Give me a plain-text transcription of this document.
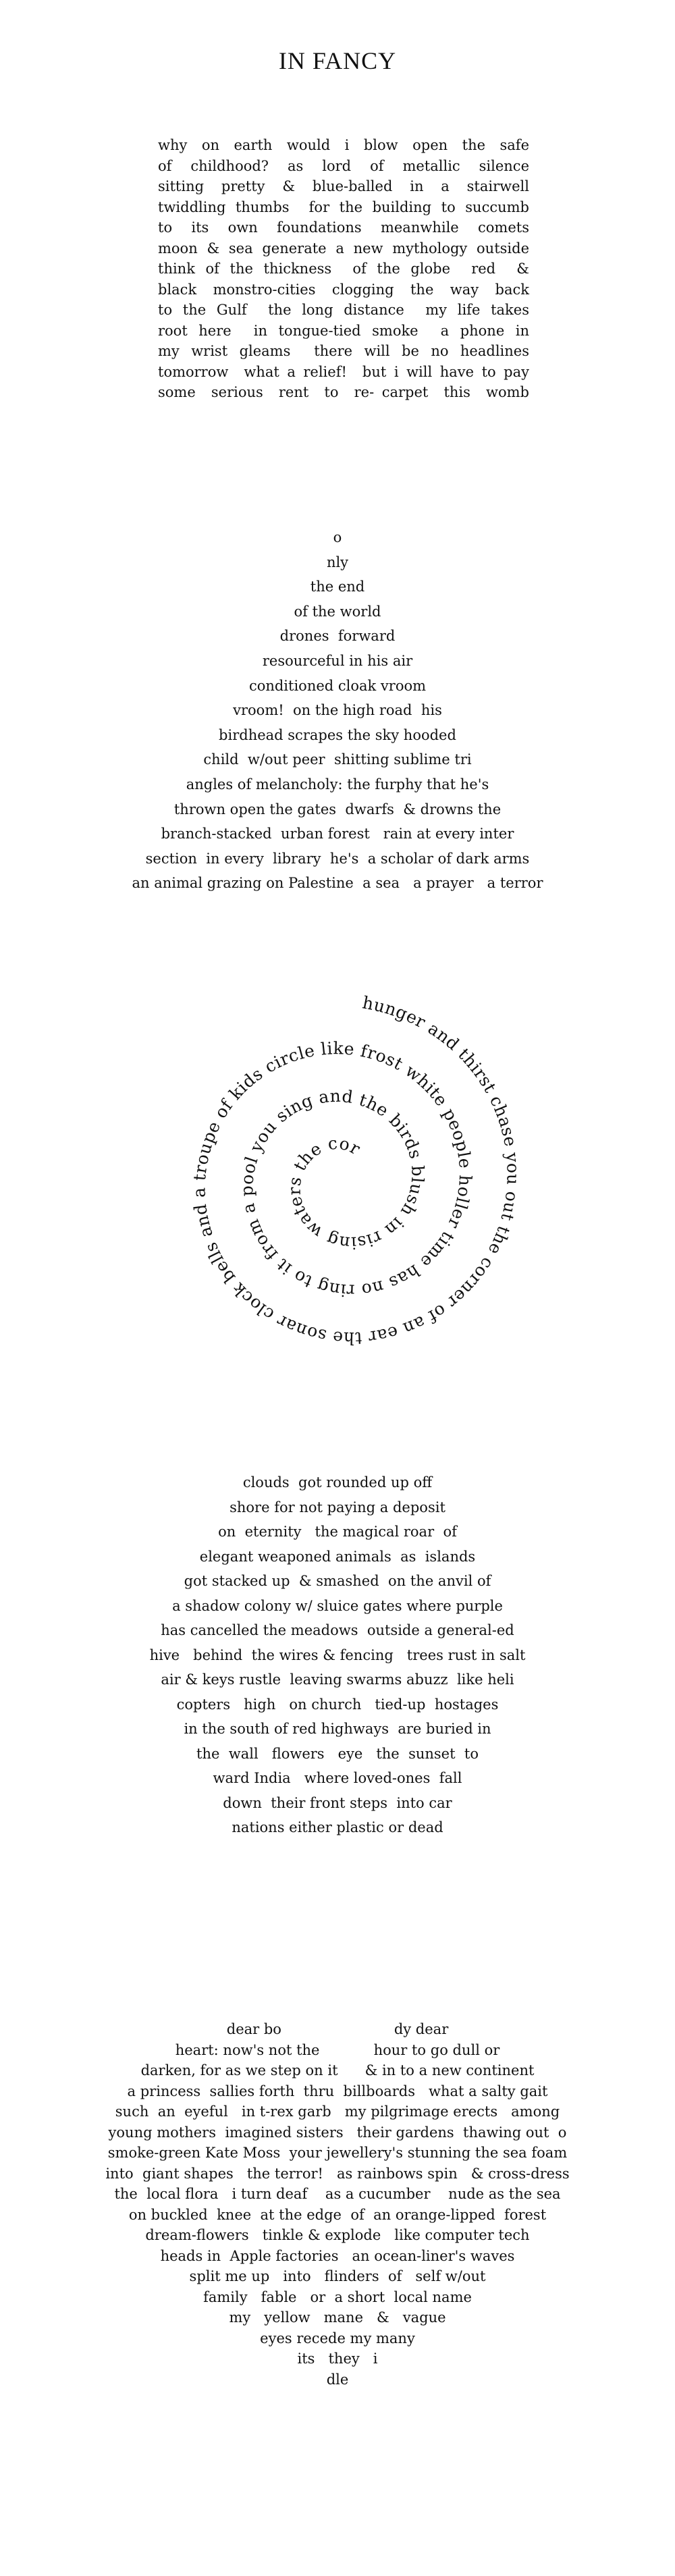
IN FANCY
why  on  earth  would  i  blow  open  the  safe
of  childhood?  as  lord  of  metallic  silence
sitting  pretty  &  blue-balled  in  a  stairwell
twiddling thumbs  for the building to succumb
to  its  own  foundations  meanwhile  comets
moon & sea generate a new mythology outside
think of the thickness  of the globe  red  &
black  monstro-cities  clogging  the  way  back
to the Gulf  the long distance  my life takes
root here  in tongue-tied smoke  a phone in
my wrist gleams  there will be no headlines
tomorrow  what a relief!  but i will have to pay
some  serious  rent  to  re- carpet  this  womb
o
nly
the end
of the world
drones  forward
resourceful in his air
conditioned cloak vroom
vroom!  on the high road  his
birdhead scrapes the sky hooded
child  w/out peer  shitting sublime tri
angles of melancholy: the furphy that he's
thrown open the gates  dwarfs  & drowns the
branch-stacked  urban forest   rain at every inter
section  in every  library  he's  a scholar of dark arms
an animal grazing on Palestine  a sea   a prayer   a terror
hunger and thirst chase you out the corner of an ear the sonar clock bells and a troupe of kids circle like frost white people holler time has no ring to it from a pool you sing and the birds blush in rising waters the cor
clouds  got rounded up off
shore for not paying a deposit
on  eternity   the magical roar  of
elegant weaponed animals  as  islands
got stacked up  & smashed  on the anvil of
a shadow colony w/ sluice gates where purple
has cancelled the meadows  outside a general-ed
hive   behind  the wires & fencing   trees rust in salt
air & keys rustle  leaving swarms abuzz  like heli
copters   high   on church   tied-up  hostages
in the south of red highways  are buried in
the  wall   flowers   eye   the  sunset  to
ward India   where loved-ones  fall
down  their front steps  into car
nations either plastic or dead
dear bo                         dy dear
heart: now's not the            hour to go dull or
darken, for as we step on it      & in to a new continent
a princess  sallies forth  thru  billboards   what a salty gait
such  an  eyeful   in t-rex garb   my pilgrimage erects   among
young mothers  imagined sisters   their gardens  thawing out  o
smoke-green Kate Moss  your jewellery's stunning the sea foam
into  giant shapes   the terror!   as rainbows spin   & cross-dress
the  local flora   i turn deaf    as a cucumber    nude as the sea
on buckled  knee  at the edge  of  an orange-lipped  forest
dream-flowers   tinkle & explode   like computer tech
heads in  Apple factories   an ocean-liner's waves
split me up   into   flinders  of   self w/out
family   fable   or  a short  local name
my   yellow   mane   &   vague
eyes recede my many
its   they   i
dle
